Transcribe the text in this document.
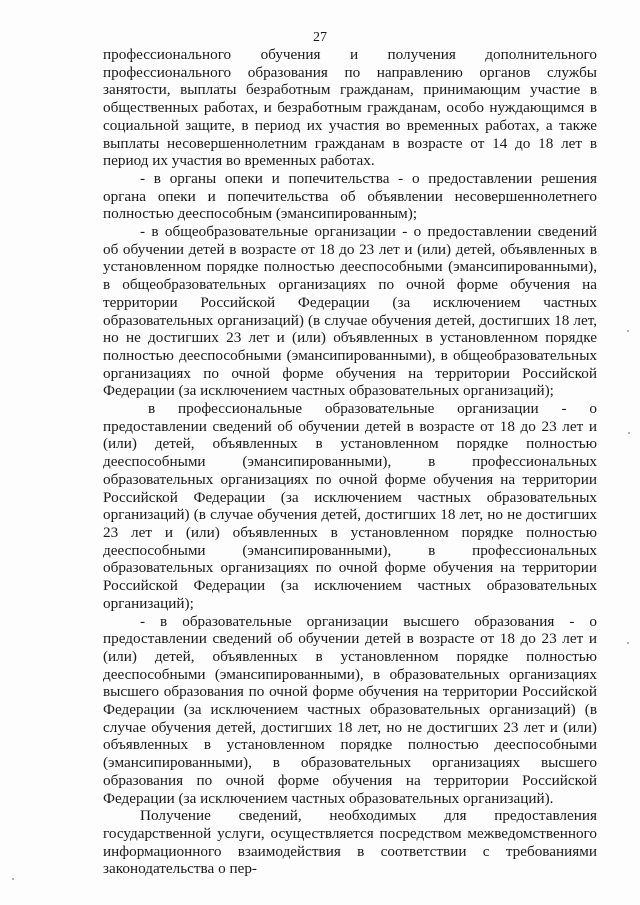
27

профессионального обучения и получения дополнительного профессионального образования по направлению органов службы занятости, выплаты безработным гражданам, принимающим участие в общественных работах, и безработным гражданам, особо нуждающимся в социальной защите, в период их участия во временных работах, а также выплаты несовершеннолетним гражданам в возрасте от 14 до 18 лет в период их участия во временных работах.

- в органы опеки и попечительства - о предоставлении решения органа опеки и попечительства об объявлении несовершеннолетнего полностью дееспособным (эмансипированным);

- в общеобразовательные организации - о предоставлении сведений об обучении детей в возрасте от 18 до 23 лет и (или) детей, объявленных в установленном порядке полностью дееспособными (эмансипированными), в общеобразовательных организациях по очной форме обучения на территории Российской Федерации (за исключением частных образовательных организаций) (в случае обучения детей, достигших 18 лет, но не достигших 23 лет и (или) объявленных в установленном порядке полностью дееспособными (эмансипированными), в общеобразовательных организациях по очной форме обучения на территории Российской Федерации (за исключением частных образовательных организаций);

в профессиональные образовательные организации - о предоставлении сведений об обучении детей в возрасте от 18 до 23 лет и (или) детей, объявленных в установленном порядке полностью дееспособными (эмансипированными), в профессиональных образовательных организациях по очной форме обучения на территории Российской Федерации (за исключением частных образовательных организаций) (в случае обучения детей, достигших 18 лет, но не достигших 23 лет и (или) объявленных в установленном порядке полностью дееспособными (эмансипированными), в профессиональных образовательных организациях по очной форме обучения на территории Российской Федерации (за исключением частных образовательных организаций);

- в образовательные организации высшего образования - о предоставлении сведений об обучении детей в возрасте от 18 до 23 лет и (или) детей, объявленных в установленном порядке полностью дееспособными (эмансипированными), в образовательных организациях высшего образования по очной форме обучения на территории Российской Федерации (за исключением частных образовательных организаций) (в случае обучения детей, достигших 18 лет, но не достигших 23 лет и (или) объявленных в установленном порядке полностью дееспособными (эмансипированными), в образовательных организациях высшего образования по очной форме обучения на территории Российской Федерации (за исключением частных образовательных организаций).

Получение сведений, необходимых для предоставления государственной услуги, осуществляется посредством межведомственного информационного взаимодействия в соответствии с требованиями законодательства о пер-
